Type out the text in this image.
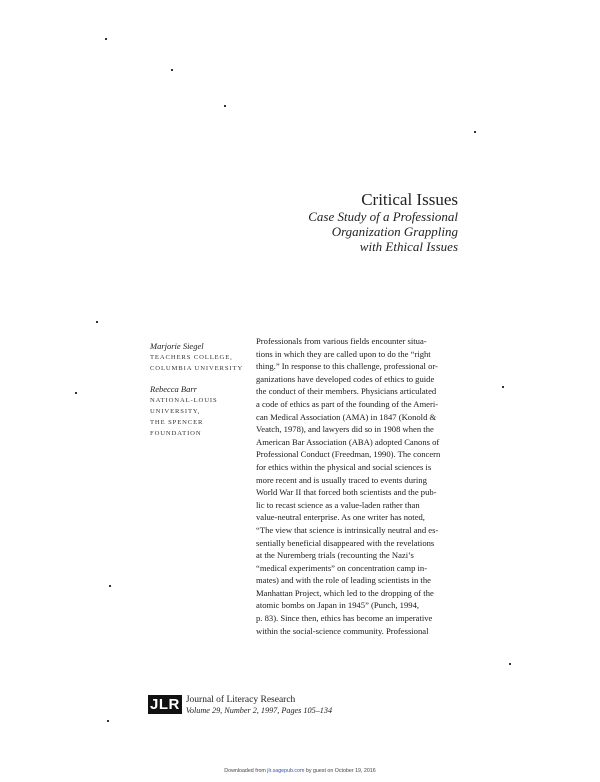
Critical Issues
Case Study of a Professional
Organization Grappling
with Ethical Issues
Marjorie Siegel
TEACHERS COLLEGE,
COLUMBIA UNIVERSITY
Rebecca Barr
NATIONAL-LOUIS
UNIVERSITY,
THE SPENCER
FOUNDATION
Professionals from various fields encounter situa-
tions in which they are called upon to do the “right
thing.” In response to this challenge, professional or-
ganizations have developed codes of ethics to guide
the conduct of their members. Physicians articulated
a code of ethics as part of the founding of the Ameri-
can Medical Association (AMA) in 1847 (Konold &
Veatch, 1978), and lawyers did so in 1908 when the
American Bar Association (ABA) adopted Canons of
Professional Conduct (Freedman, 1990). The concern
for ethics within the physical and social sciences is
more recent and is usually traced to events during
World War II that forced both scientists and the pub-
lic to recast science as a value-laden rather than
value-neutral enterprise. As one writer has noted,
“The view that science is intrinsically neutral and es-
sentially beneficial disappeared with the revelations
at the Nuremberg trials (recounting the Nazi’s
“medical experiments” on concentration camp in-
mates) and with the role of leading scientists in the
Manhattan Project, which led to the dropping of the
atomic bombs on Japan in 1945” (Punch, 1994,
p. 83). Since then, ethics has become an imperative
within the social-science community. Professional
JLR Journal of Literacy Research
Volume 29, Number 2, 1997, Pages 105–134
Downloaded from jlr.sagepub.com by guest on October 19, 2016
